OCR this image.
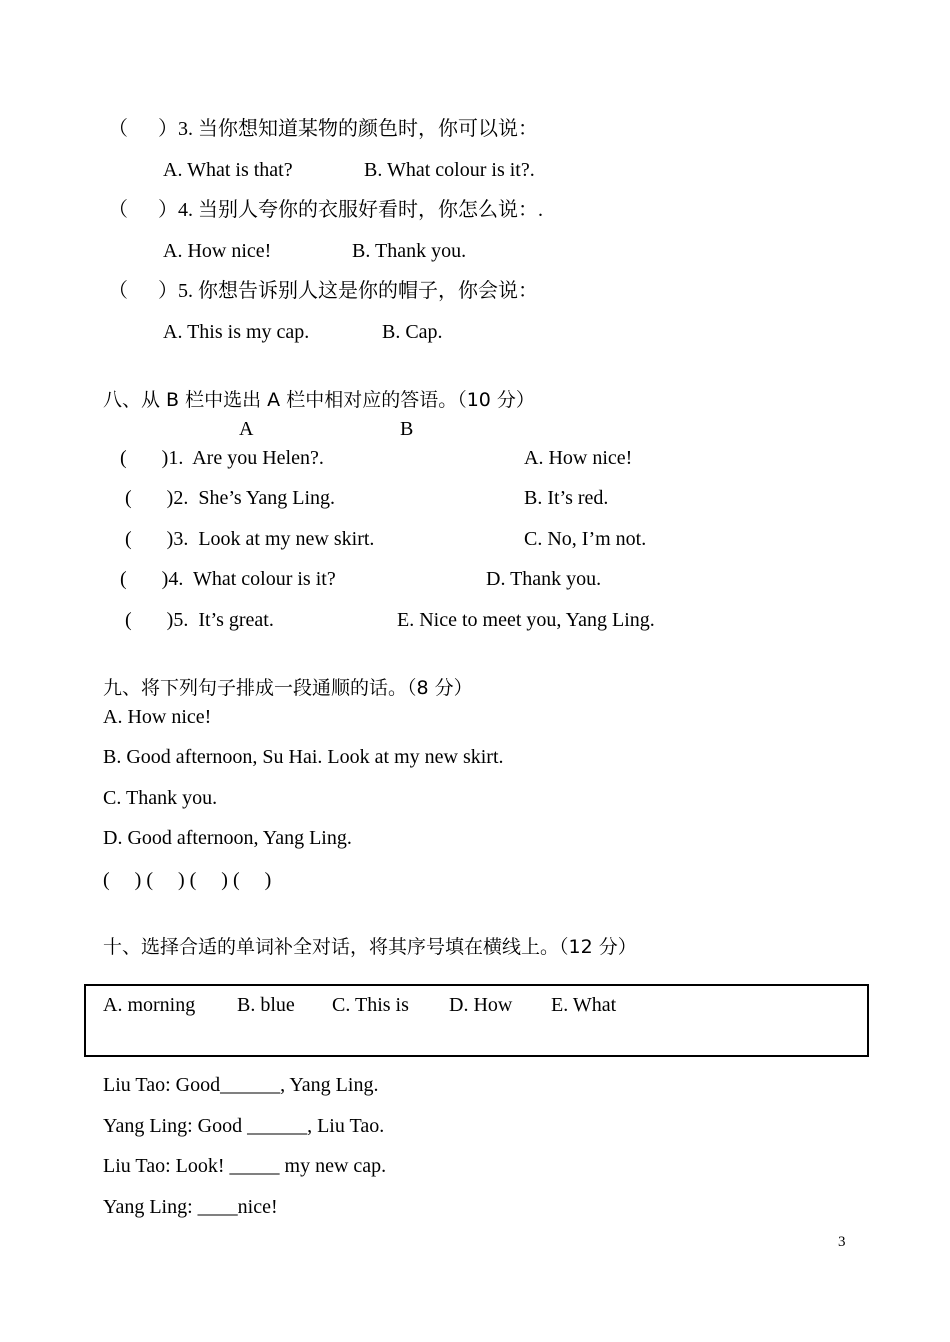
（      ）3. 当你想知道某物的颜色时，你可以说：
A. What is that?	B. What colour is it?.
（      ）4. 当别人夸你的衣服好看时，你怎么说：.
A. How nice!	B. Thank you.
（      ）5. 你想告诉别人这是你的帽子，你会说：
A. This is my cap.	B. Cap.
八、从 B 栏中选出 A 栏中相对应的答语。（10 分）
A	B
(       )1.  Are you Helen?.	A. How nice!
(       )2.  She’s Yang Ling.	B. It’s red.
(       )3.  Look at my new skirt.	C. No, I’m not.
(       )4.  What colour is it?	D. Thank you.
(       )5.  It’s great.	E. Nice to meet you, Yang Ling.
九、将下列句子排成一段通顺的话。（8 分）
A. How nice!
B. Good afternoon, Su Hai. Look at my new skirt.
C. Thank you.
D. Good afternoon, Yang Ling.
(     ) (     ) (     ) (     )
十、选择合适的单词补全对话，将其序号填在横线上。（12 分）
A. morning B. blue C. This is D. How E. What
Liu Tao: Good______, Yang Ling.
Yang Ling: Good ______, Liu Tao.
Liu Tao: Look! _____ my new cap.
Yang Ling: ____nice!
3
